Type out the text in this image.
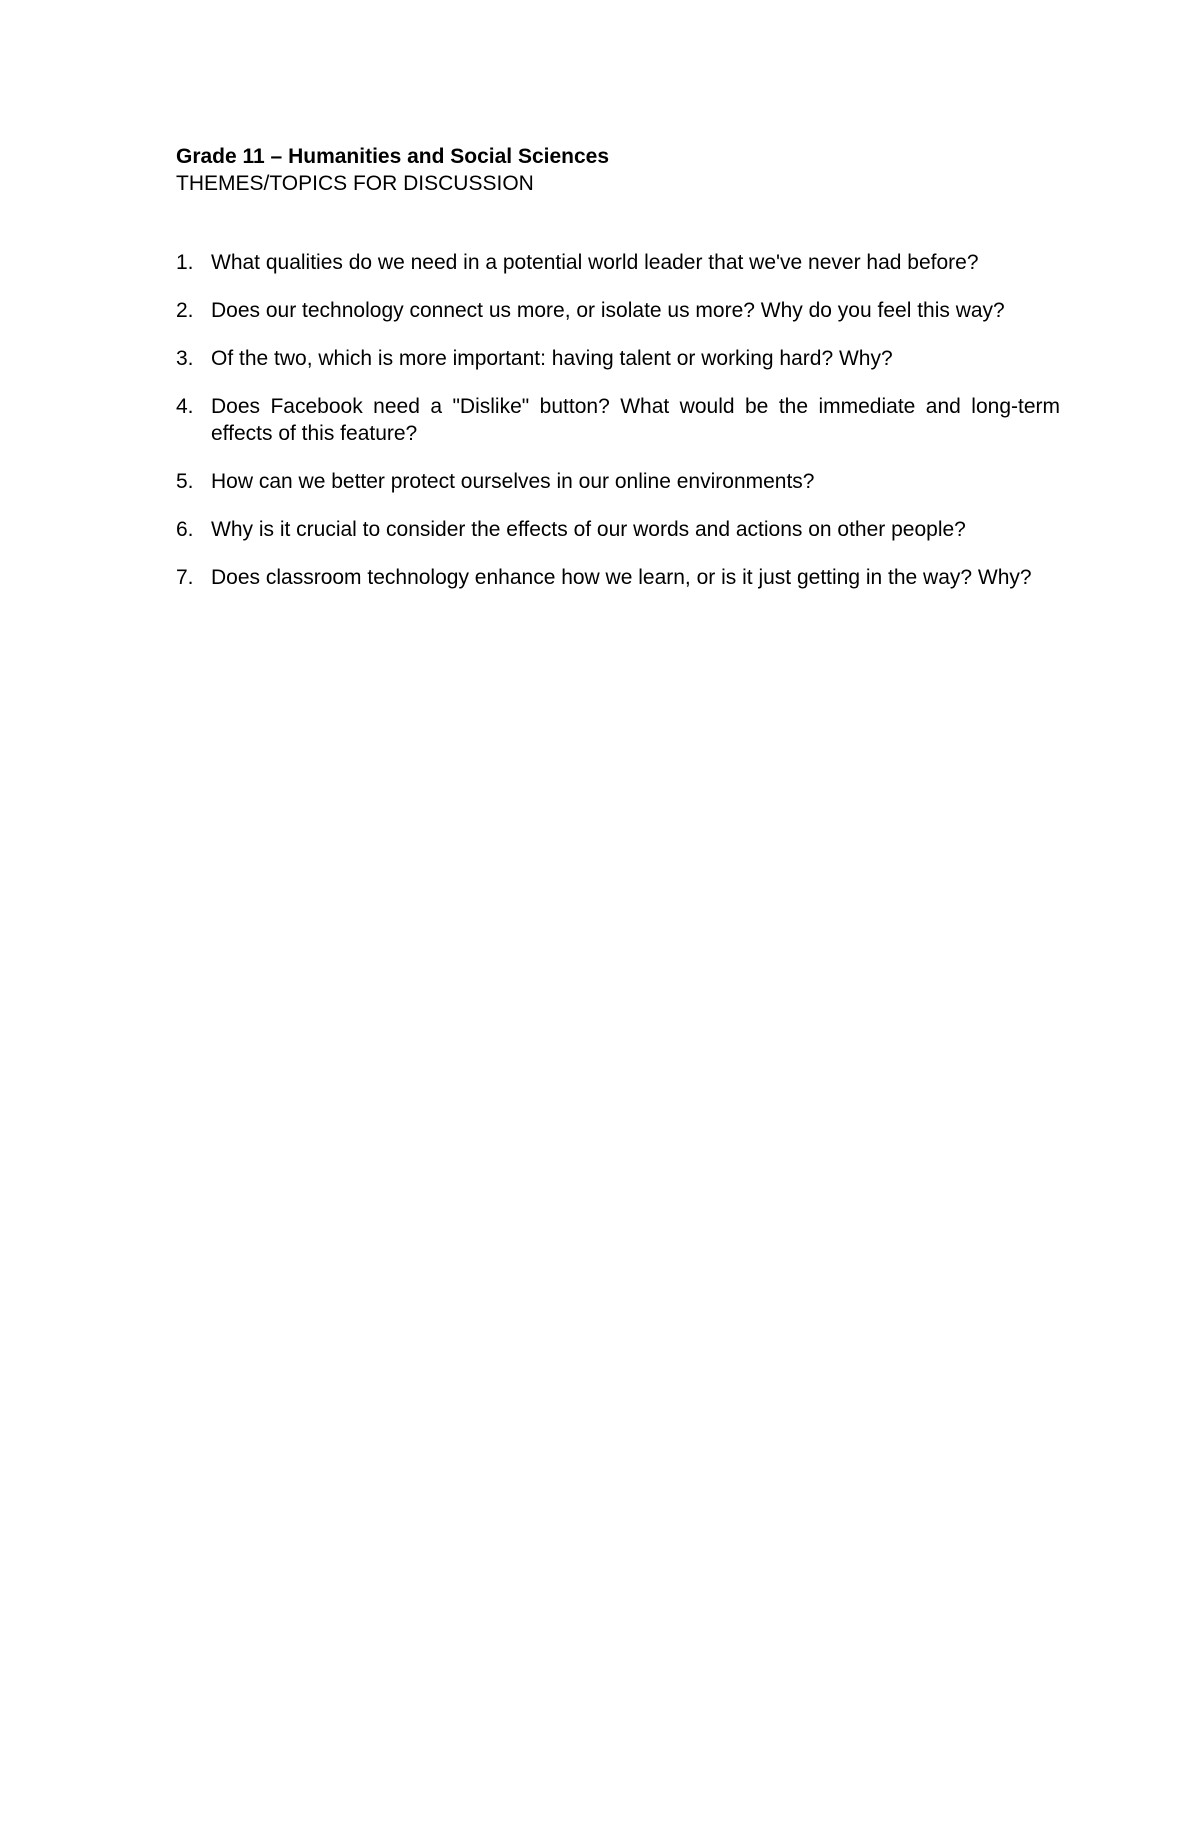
Grade 11 – Humanities and Social Sciences

THEMES/TOPICS FOR DISCUSSION

1. What qualities do we need in a potential world leader that we've never had before?
2. Does our technology connect us more, or isolate us more? Why do you feel this way?
3. Of the two, which is more important: having talent or working hard? Why?
4. Does Facebook need a "Dislike" button? What would be the immediate and long-term effects of this feature?
5. How can we better protect ourselves in our online environments?
6. Why is it crucial to consider the effects of our words and actions on other people?
7. Does classroom technology enhance how we learn, or is it just getting in the way? Why?
